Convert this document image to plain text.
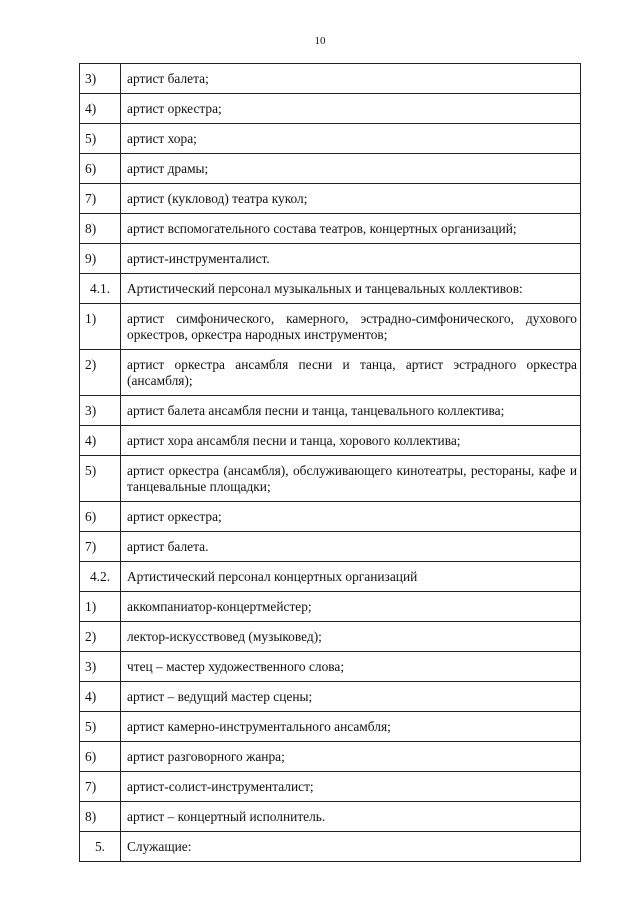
10
3)	артист балета;
4)	артист оркестра;
5)	артист хора;
6)	артист драмы;
7)	артист (кукловод) театра кукол;
8)	артист вспомогательного состава театров, концертных организаций;
9)	артист-инструменталист.
4.1.	Артистический персонал музыкальных и танцевальных коллективов:
1)	артист симфонического, камерного, эстрадно-симфонического, духового оркестров, оркестра народных инструментов;
2)	артист оркестра ансамбля песни и танца, артист эстрадного оркестра (ансамбля);
3)	артист балета ансамбля песни и танца, танцевального коллектива;
4)	артист хора ансамбля песни и танца, хорового коллектива;
5)	артист оркестра (ансамбля), обслуживающего кинотеатры, рестораны, кафе и танцевальные площадки;
6)	артист оркестра;
7)	артист балета.
4.2.	Артистический персонал концертных организаций
1)	аккомпаниатор-концертмейстер;
2)	лектор-искусствовед (музыковед);
3)	чтец – мастер художественного слова;
4)	артист – ведущий мастер сцены;
5)	артист камерно-инструментального ансамбля;
6)	артист разговорного жанра;
7)	артист-солист-инструменталист;
8)	артист – концертный исполнитель.
5.	Служащие:
